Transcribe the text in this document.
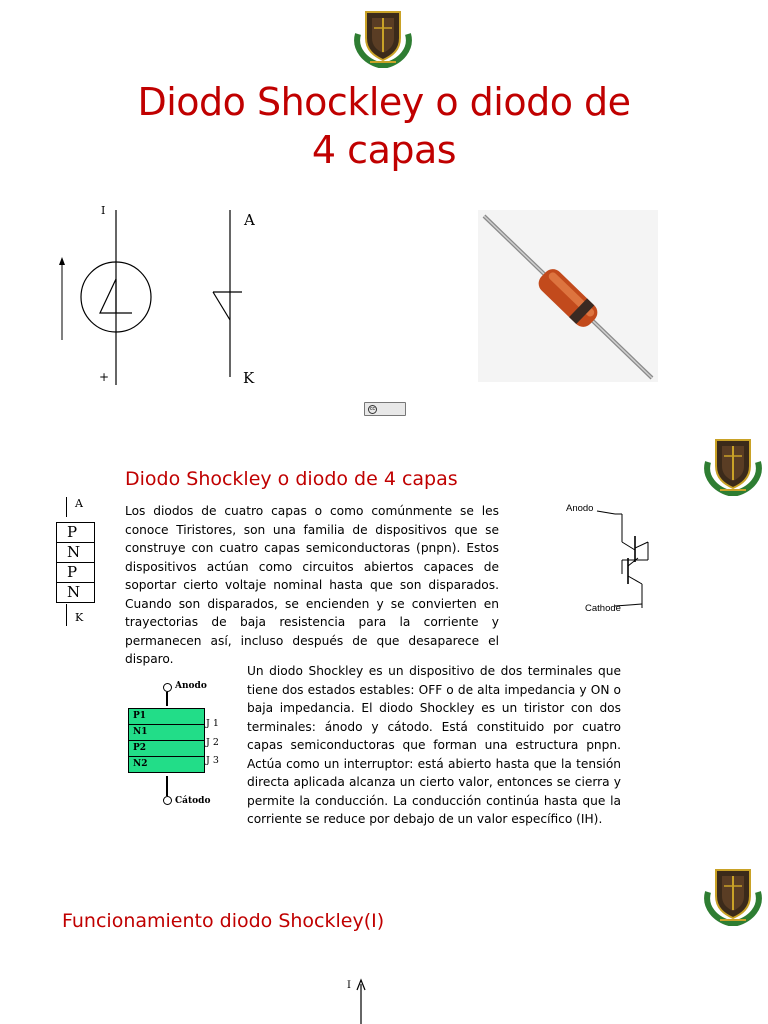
Diodo Shockley o diodo de 4 capas
I
+
A
K
cc
Diodo Shockley o diodo de 4 capas
A
P
N
P
N
K
Los diodos de cuatro capas o como comúnmente se les conoce Tiristores, son una familia de dispositivos que se construye con cuatro capas semiconductoras (pnpn). Estos dispositivos actúan como circuitos abiertos capaces de soportar cierto voltaje nominal hasta que son disparados. Cuando son disparados, se encienden y se convierten en trayectorias de baja resistencia para la corriente y permanecen así, incluso después de que desaparece el disparo.
Anodo
Cathode
Anodo
P1
N1
P2
N2
J 1
J 2
J 3
Cátodo
Un diodo Shockley es un dispositivo de dos terminales que tiene dos estados estables: OFF o de alta impedancia y ON o baja impedancia. El diodo Shockley es un tiristor con dos terminales: ánodo y cátodo. Está constituido por cuatro capas semiconductoras que forman una estructura pnpn. Actúa como un interruptor: está abierto hasta que la tensión directa aplicada alcanza un cierto valor, entonces se cierra y permite la conducción. La conducción continúa hasta que la corriente se reduce por debajo de un valor específico (IH).
Funcionamiento diodo Shockley(I)
I
